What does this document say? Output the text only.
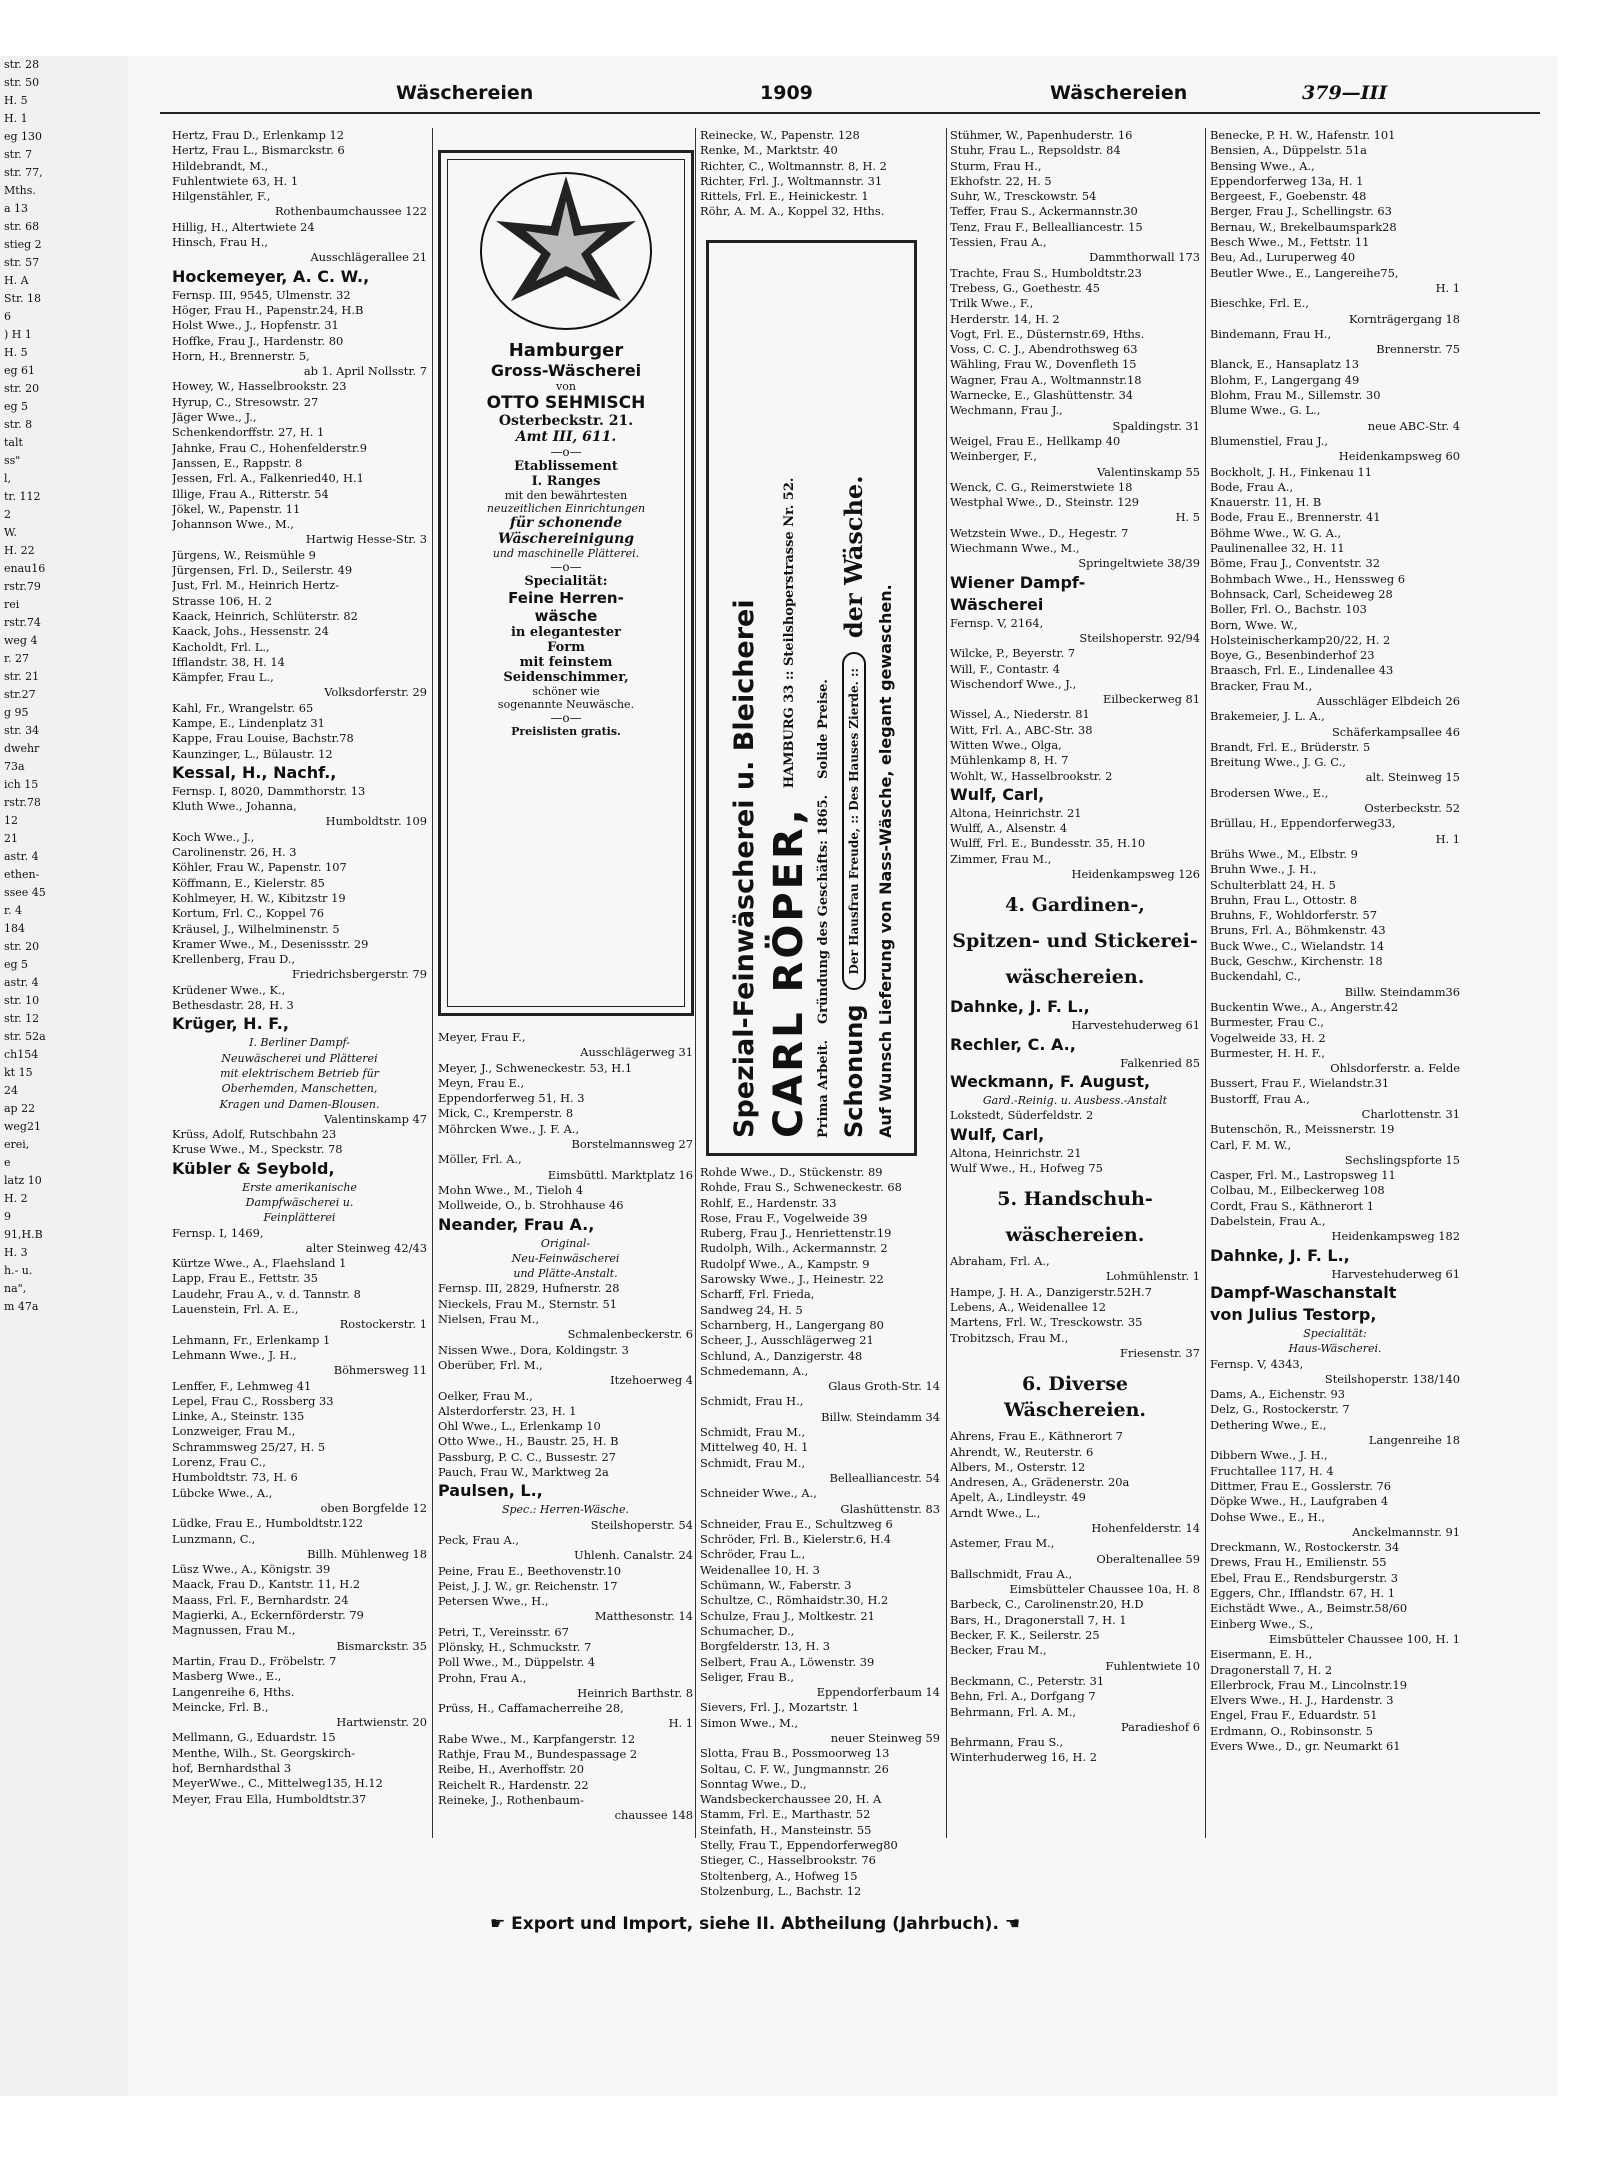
str. 28
str. 50
H. 5
H. 1
eg 130
str. 7
str. 77,
Mths.
a 13
str. 68
stieg 2
str. 57
H. A
Str. 18
6
) H 1
H. 5
eg 61
str. 20
eg 5
str. 8
talt
ss"
l,
tr. 112
2
W.
H. 22
enau16
rstr.79
rei
rstr.74
weg 4
r. 27
str. 21
str.27
g 95
str. 34
dwehr
73a
ich 15
rstr.78
12
21
astr. 4
ethen-
ssee 45
r. 4
184
str. 20
eg 5
astr. 4
str. 10
str. 12
str. 52a
ch154
kt 15
24
ap 22
weg21
erei,
e
latz 10
H. 2
9
91,H.B
H. 3
h.- u.
na",
m 47a
Wäschereien	1909	Wäschereien	379—III
Hertz, Frau D., Erlenkamp 12
Hertz, Frau L., Bismarckstr. 6
Hildebrandt, M.,
Fuhlentwiete 63, H. 1
Hilgenstähler, F.,
Rothenbaumchaussee 122
Hillig, H., Altertwiete 24
Hinsch, Frau H.,
Ausschlägerallee 21
Hockemeyer, A. C. W.,
Fernsp. III, 9545, Ulmenstr. 32
Höger, Frau H., Papenstr.24, H.B
Holst Wwe., J., Hopfenstr. 31
Hoffke, Frau J., Hardenstr. 80
Horn, H., Brennerstr. 5,
ab 1. April Nollsstr. 7
Howey, W., Hasselbrookstr. 23
Hyrup, C., Stresowstr. 27
Jäger Wwe., J.,
Schenkendorffstr. 27, H. 1
Jahnke, Frau C., Hohenfelderstr.9
Janssen, E., Rappstr. 8
Jessen, Frl. A., Falkenried40, H.1
Illige, Frau A., Ritterstr. 54
Jökel, W., Papenstr. 11
Johannson Wwe., M.,
Hartwig Hesse-Str. 3
Jürgens, W., Reismühle 9
Jürgensen, Frl. D., Seilerstr. 49
Just, Frl. M., Heinrich Hertz-
Strasse 106, H. 2
Kaack, Heinrich, Schlüterstr. 82
Kaack, Johs., Hessenstr. 24
Kacholdt, Frl. L.,
Ifflandstr. 38, H. 14
Kämpfer, Frau L.,
Volksdorferstr. 29
Kahl, Fr., Wrangelstr. 65
Kampe, E., Lindenplatz 31
Kappe, Frau Louise, Bachstr.78
Kaunzinger, L., Bülaustr. 12
Kessal, H., Nachf.,
Fernsp. I, 8020, Dammthorstr. 13
Kluth Wwe., Johanna,
Humboldtstr. 109
Koch Wwe., J.,
Carolinenstr. 26, H. 3
Köhler, Frau W., Papenstr. 107
Köffmann, E., Kielerstr. 85
Kohlmeyer, H. W., Kibitzstr 19
Kortum, Frl. C., Koppel 76
Kräusel, J., Wilhelminenstr. 5
Kramer Wwe., M., Desenissstr. 29
Krellenberg, Frau D.,
Friedrichsbergerstr. 79
Krüdener Wwe., K.,
Bethesdastr. 28, H. 3
Krüger, H. F.,
I. Berliner Dampf-
Neuwäscherei und Plätterei
mit elektrischem Betrieb für
Oberhemden, Manschetten,
Kragen und Damen-Blousen.
Valentinskamp 47
Krüss, Adolf, Rutschbahn 23
Kruse Wwe., M., Speckstr. 78
Kübler & Seybold,
Erste amerikanische
Dampfwäscherei u.
Feinplätterei
Fernsp. I, 1469,
alter Steinweg 42/43
Kürtze Wwe., A., Flaehsland 1
Lapp, Frau E., Fettstr. 35
Laudehr, Frau A., v. d. Tannstr. 8
Lauenstein, Frl. A. E.,
Rostockerstr. 1
Lehmann, Fr., Erlenkamp 1
Lehmann Wwe., J. H.,
Böhmersweg 11
Lenffer, F., Lehmweg 41
Lepel, Frau C., Rossberg 33
Linke, A., Steinstr. 135
Lonzweiger, Frau M.,
Schrammsweg 25/27, H. 5
Lorenz, Frau C.,
Humboldtstr. 73, H. 6
Lübcke Wwe., A.,
oben Borgfelde 12
Lüdke, Frau E., Humboldtstr.122
Lunzmann, C.,
Billh. Mühlenweg 18
Lüsz Wwe., A., Königstr. 39
Maack, Frau D., Kantstr. 11, H.2
Maass, Frl. F., Bernhardstr. 24
Magierki, A., Eckernförderstr. 79
Magnussen, Frau M.,
Bismarckstr. 35
Martin, Frau D., Fröbelstr. 7
Masberg Wwe., E.,
Langenreihe 6, Hths.
Meincke, Frl. B.,
Hartwienstr. 20
Mellmann, G., Eduardstr. 15
Menthe, Wilh., St. Georgskirch-
hof, Bernhardsthal 3
MeyerWwe., C., Mittelweg135, H.12
Meyer, Frau Ella, Humboldtstr.37
Hamburger
Gross-Wäscherei
von
OTTO SEHMISCH
Osterbeckstr. 21.
Amt III, 611.
—o—
Etablissement
I. Ranges
mit den bewährtesten
neuzeitlichen Einrichtungen
für schonende
Wäschereinigung
und maschinelle Plätterei.
—o—
Specialität:
Feine Herren-
wäsche
in elegantester
Form
mit feinstem
Seidenschimmer,
schöner wie
sogenannte Neuwäsche.
—o—
Preislisten gratis.
Meyer, Frau F.,
Ausschlägerweg 31
Meyer, J., Schweneckestr. 53, H.1
Meyn, Frau E.,
Eppendorferweg 51, H. 3
Mick, C., Kremperstr. 8
Möhrcken Wwe., J. F. A.,
Borstelmannsweg 27
Möller, Frl. A.,
Eimsbüttl. Marktplatz 16
Mohn Wwe., M., Tieloh 4
Mollweide, O., b. Strohhause 46
Neander, Frau A.,
Original-
Neu-Feinwäscherei
und Plätte-Anstalt.
Fernsp. III, 2829, Hufnerstr. 28
Nieckels, Frau M., Sternstr. 51
Nielsen, Frau M.,
Schmalenbeckerstr. 6
Nissen Wwe., Dora, Koldingstr. 3
Oberüber, Frl. M.,
Itzehoerweg 4
Oelker, Frau M.,
Alsterdorferstr. 23, H. 1
Ohl Wwe., L., Erlenkamp 10
Otto Wwe., H., Baustr. 25, H. B
Passburg, P. C. C., Bussestr. 27
Pauch, Frau W., Marktweg 2a
Paulsen, L.,
Spec.: Herren-Wäsche.
Steilshoperstr. 54
Peck, Frau A.,
Uhlenh. Canalstr. 24
Peine, Frau E., Beethovenstr.10
Peist, J. J. W., gr. Reichenstr. 17
Petersen Wwe., H.,
Matthesonstr. 14
Petri, T., Vereinsstr. 67
Plönsky, H., Schmuckstr. 7
Poll Wwe., M., Düppelstr. 4
Prohn, Frau A.,
Heinrich Barthstr. 8
Prüss, H., Caffamacherreihe 28,
H. 1
Rabe Wwe., M., Karpfangerstr. 12
Rathje, Frau M., Bundespassage 2
Reibe, H., Averhoffstr. 20
Reichelt R., Hardenstr. 22
Reineke, J., Rothenbaum-
chaussee 148
Reinecke, W., Papenstr. 128
Renke, M., Marktstr. 40
Richter, C., Woltmannstr. 8, H. 2
Richter, Frl. J., Woltmannstr. 31
Rittels, Frl. E., Heinickestr. 1
Röhr, A. M. A., Koppel 32, Hths.
Spezial-Feinwäscherei u. Bleicherei CARL RÖPER,
HAMBURG 33 :: Steilshoperstrasse Nr. 52.
Prima Arbeit.
Gründung des Geschäfts: 1865.
Solide Preise.
Schonung
Der Hausfrau Freude, :: Des Hauses Zierde. ::
der Wäsche.
Auf Wunsch Lieferung von Nass-Wäsche, elegant gewaschen.
Rohde Wwe., D., Stückenstr. 89
Rohde, Frau S., Schweneckestr. 68
Rohlf, E., Hardenstr. 33
Rose, Frau F., Vogelweide 39
Ruberg, Frau J., Henriettenstr.19
Rudolph, Wilh., Ackermannstr. 2
Rudolpf Wwe., A., Kampstr. 9
Sarowsky Wwe., J., Heinestr. 22
Scharff, Frl. Frieda,
Sandweg 24, H. 5
Scharnberg, H., Langergang 80
Scheer, J., Ausschlägerweg 21
Schlund, A., Danzigerstr. 48
Schmedemann, A.,
Glaus Groth-Str. 14
Schmidt, Frau H.,
Billw. Steindamm 34
Schmidt, Frau M.,
Mittelweg 40, H. 1
Schmidt, Frau M.,
Bellealliancestr. 54
Schneider Wwe., A.,
Glashüttenstr. 83
Schneider, Frau E., Schultzweg 6
Schröder, Frl. B., Kielerstr.6, H.4
Schröder, Frau L.,
Weidenallee 10, H. 3
Schümann, W., Faberstr. 3
Schultze, C., Römhaidstr.30, H.2
Schulze, Frau J., Moltkestr. 21
Schumacher, D.,
Borgfelderstr. 13, H. 3
Selbert, Frau A., Löwenstr. 39
Seliger, Frau B.,
Eppendorferbaum 14
Sievers, Frl. J., Mozartstr. 1
Simon Wwe., M.,
neuer Steinweg 59
Slotta, Frau B., Possmoorweg 13
Soltau, C. F. W., Jungmannstr. 26
Sonntag Wwe., D.,
Wandsbeckerchaussee 20, H. A
Stamm, Frl. E., Marthastr. 52
Steinfath, H., Mansteinstr. 55
Stelly, Frau T., Eppendorferweg80
Stieger, C., Hasselbrookstr. 76
Stoltenberg, A., Hofweg 15
Stolzenburg, L., Bachstr. 12
Stühmer, W., Papenhuderstr. 16
Stuhr, Frau L., Repsoldstr. 84
Sturm, Frau H.,
Ekhofstr. 22, H. 5
Suhr, W., Tresckowstr. 54
Teffer, Frau S., Ackermannstr.30
Tenz, Frau F., Bellealliancestr. 15
Tessien, Frau A.,
Dammthorwall 173
Trachte, Frau S., Humboldtstr.23
Trebess, G., Goethestr. 45
Trilk Wwe., F.,
Herderstr. 14, H. 2
Vogt, Frl. E., Düsternstr.69, Hths.
Voss, C. C. J., Abendrothsweg 63
Wähling, Frau W., Dovenfleth 15
Wagner, Frau A., Woltmannstr.18
Warnecke, E., Glashüttenstr. 34
Wechmann, Frau J.,
Spaldingstr. 31
Weigel, Frau E., Hellkamp 40
Weinberger, F.,
Valentinskamp 55
Wenck, C. G., Reimerstwiete 18
Westphal Wwe., D., Steinstr. 129
H. 5
Wetzstein Wwe., D., Hegestr. 7
Wiechmann Wwe., M.,
Springeltwiete 38/39
Wiener Dampf-
Wäscherei
Fernsp. V, 2164,
Steilshoperstr. 92/94
Wilcke, P., Beyerstr. 7
Will, F., Contastr. 4
Wischendorf Wwe., J.,
Eilbeckerweg 81
Wissel, A., Niederstr. 81
Witt, Frl. A., ABC-Str. 38
Witten Wwe., Olga,
Mühlenkamp 8, H. 7
Wohlt, W., Hasselbrookstr. 2
Wulf, Carl,
Altona, Heinrichstr. 21
Wulff, A., Alsenstr. 4
Wulff, Frl. E., Bundesstr. 35, H.10
Zimmer, Frau M.,
Heidenkampsweg 126
4. Gardinen-,
Spitzen- und Stickerei-
wäschereien.
Dahnke, J. F. L.,
Harvestehuderweg 61
Rechler, C. A.,
Falkenried 85
Weckmann, F. August,
Gard.-Reinig. u. Ausbess.-Anstalt
Lokstedt, Süderfeldstr. 2
Wulf, Carl,
Altona, Heinrichstr. 21
Wulf Wwe., H., Hofweg 75
5. Handschuh-
wäschereien.
Abraham, Frl. A.,
Lohmühlenstr. 1
Hampe, J. H. A., Danzigerstr.52H.7
Lebens, A., Weidenallee 12
Martens, Frl. W., Tresckowstr. 35
Trobitzsch, Frau M.,
Friesenstr. 37
6. Diverse Wäschereien.
Ahrens, Frau E., Käthnerort 7
Ahrendt, W., Reuterstr. 6
Albers, M., Osterstr. 12
Andresen, A., Grädenerstr. 20a
Apelt, A., Lindleystr. 49
Arndt Wwe., L.,
Hohenfelderstr. 14
Astemer, Frau M.,
Oberaltenallee 59
Ballschmidt, Frau A.,
Eimsbütteler Chaussee 10a, H. 8
Barbeck, C., Carolinenstr.20, H.D
Bars, H., Dragonerstall 7, H. 1
Becker, F. K., Seilerstr. 25
Becker, Frau M.,
Fuhlentwiete 10
Beckmann, C., Peterstr. 31
Behn, Frl. A., Dorfgang 7
Behrmann, Frl. A. M.,
Paradieshof 6
Behrmann, Frau S.,
Winterhuderweg 16, H. 2
Benecke, P. H. W., Hafenstr. 101
Bensien, A., Düppelstr. 51a
Bensing Wwe., A.,
Eppendorferweg 13a, H. 1
Bergeest, F., Goebenstr. 48
Berger, Frau J., Schellingstr. 63
Bernau, W., Brekelbaumspark28
Besch Wwe., M., Fettstr. 11
Beu, Ad., Luruperweg 40
Beutler Wwe., E., Langereihe75,
H. 1
Bieschke, Frl. E.,
Kornträgergang 18
Bindemann, Frau H.,
Brennerstr. 75
Blanck, E., Hansaplatz 13
Blohm, F., Langergang 49
Blohm, Frau M., Sillemstr. 30
Blume Wwe., G. L.,
neue ABC-Str. 4
Blumenstiel, Frau J.,
Heidenkampsweg 60
Bockholt, J. H., Finkenau 11
Bode, Frau A.,
Knauerstr. 11, H. B
Bode, Frau E., Brennerstr. 41
Böhme Wwe., W. G. A.,
Paulinenallee 32, H. 11
Böme, Frau J., Conventstr. 32
Bohmbach Wwe., H., Henssweg 6
Bohnsack, Carl, Scheideweg 28
Boller, Frl. O., Bachstr. 103
Born, Wwe. W.,
Holsteinischerkamp20/22, H. 2
Boye, G., Besenbinderhof 23
Braasch, Frl. E., Lindenallee 43
Bracker, Frau M.,
Ausschläger Elbdeich 26
Brakemeier, J. L. A.,
Schäferkampsallee 46
Brandt, Frl. E., Brüderstr. 5
Breitung Wwe., J. G. C.,
alt. Steinweg 15
Brodersen Wwe., E.,
Osterbeckstr. 52
Brüllau, H., Eppendorferweg33,
H. 1
Brühs Wwe., M., Elbstr. 9
Bruhn Wwe., J. H.,
Schulterblatt 24, H. 5
Bruhn, Frau L., Ottostr. 8
Bruhns, F., Wohldorferstr. 57
Bruns, Frl. A., Böhmkenstr. 43
Buck Wwe., C., Wielandstr. 14
Buck, Geschw., Kirchenstr. 18
Buckendahl, C.,
Billw. Steindamm36
Buckentin Wwe., A., Angerstr.42
Burmester, Frau C.,
Vogelweide 33, H. 2
Burmester, H. H. F.,
Ohlsdorferstr. a. Felde
Bussert, Frau F., Wielandstr.31
Bustorff, Frau A.,
Charlottenstr. 31
Butenschön, R., Meissnerstr. 19
Carl, F. M. W.,
Sechslingspforte 15
Casper, Frl. M., Lastropsweg 11
Colbau, M., Eilbeckerweg 108
Cordt, Frau S., Käthnerort 1
Dabelstein, Frau A.,
Heidenkampsweg 182
Dahnke, J. F. L.,
Harvestehuderweg 61
Dampf-Waschanstalt
von Julius Testorp,
Specialität:
Haus-Wäscherei.
Fernsp. V, 4343,
Steilshoperstr. 138/140
Dams, A., Eichenstr. 93
Delz, G., Rostockerstr. 7
Dethering Wwe., E.,
Langenreihe 18
Dibbern Wwe., J. H.,
Fruchtallee 117, H. 4
Dittmer, Frau E., Gosslerstr. 76
Döpke Wwe., H., Laufgraben 4
Dohse Wwe., E., H.,
Anckelmannstr. 91
Dreckmann, W., Rostockerstr. 34
Drews, Frau H., Emilienstr. 55
Ebel, Frau E., Rendsburgerstr. 3
Eggers, Chr., Ifflandstr. 67, H. 1
Eichstädt Wwe., A., Beimstr.58/60
Einberg Wwe., S.,
Eimsbütteler Chaussee 100, H. 1
Eisermann, E. H.,
Dragonerstall 7, H. 2
Ellerbrock, Frau M., Lincolnstr.19
Elvers Wwe., H. J., Hardenstr. 3
Engel, Frau F., Eduardstr. 51
Erdmann, O., Robinsonstr. 5
Evers Wwe., D., gr. Neumarkt 61
☛ Export und Import, siehe II. Abtheilung (Jahrbuch). ☚
